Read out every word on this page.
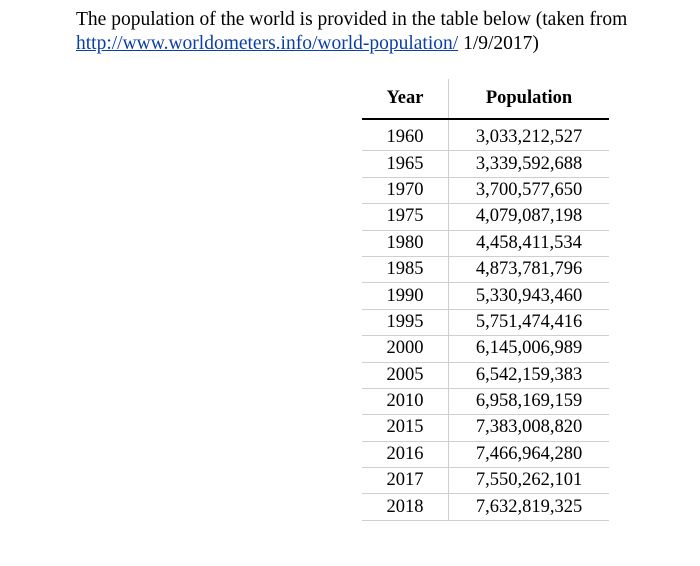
The population of the world is provided in the table below (taken from http://www.worldometers.info/world-population/ 1/9/2017)

Year	Population

1960	3,033,212,527
1965	3,339,592,688
1970	3,700,577,650
1975	4,079,087,198
1980	4,458,411,534
1985	4,873,781,796
1990	5,330,943,460
1995	5,751,474,416
2000	6,145,006,989
2005	6,542,159,383
2010	6,958,169,159
2015	7,383,008,820
2016	7,466,964,280
2017	7,550,262,101
2018	7,632,819,325
